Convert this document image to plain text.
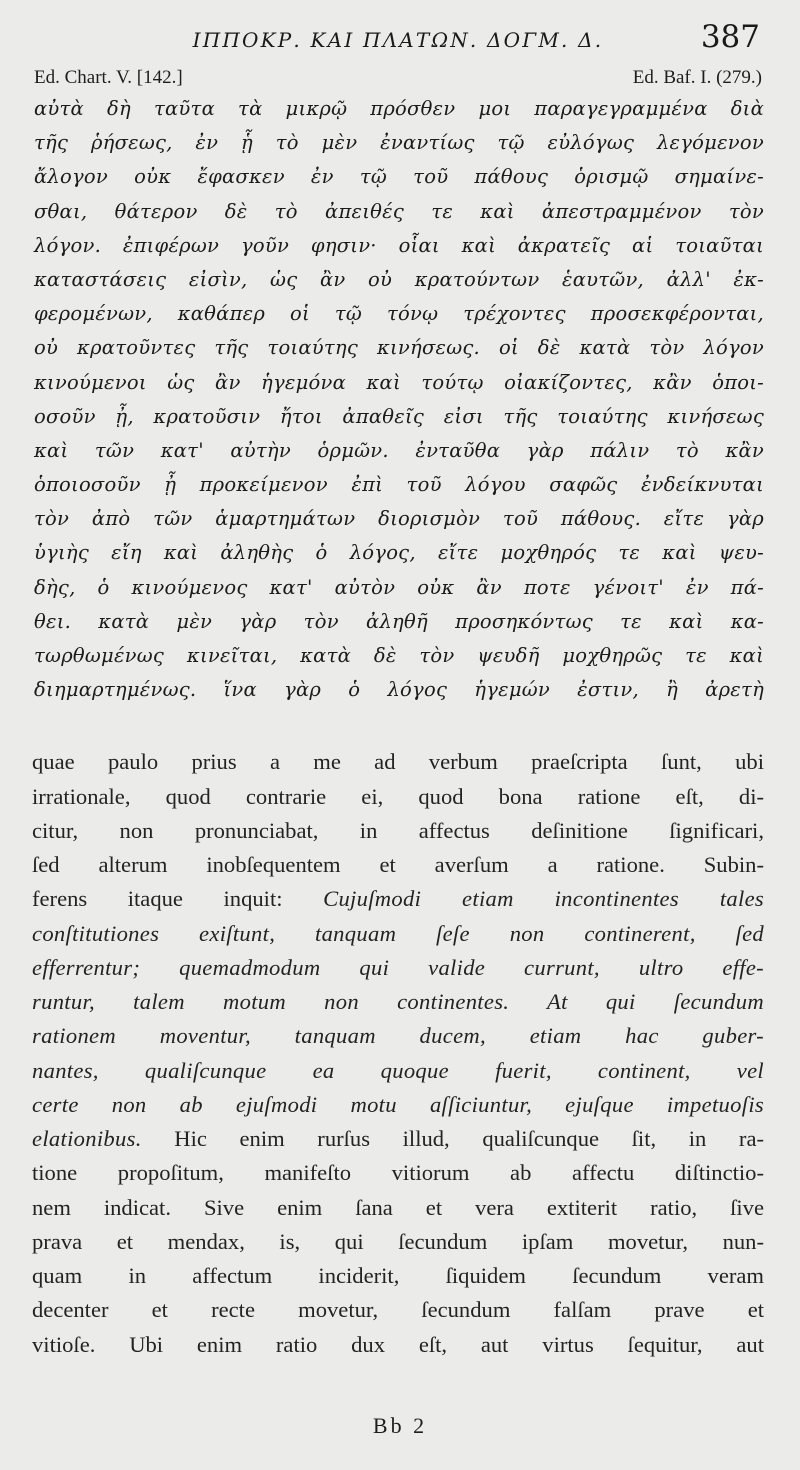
ΙΠΠΟΚΡ. ΚΑΙ ΠΛΑΤΩΝ. ΔΟΓΜ. Δ.	387
Ed. Chart. V. [142.]	Ed. Baf. I. (279.)
αὐτὰ δὴ ταῦτα τὰ μικρῷ πρόσθεν μοι παραγεγραμμένα διὰ
τῆς ῥήσεως, ἐν ᾗ τὸ μὲν ἐναντίως τῷ εὐλόγως λεγόμενον
ἄλογον οὐκ ἔφασκεν ἐν τῷ τοῦ πάθους ὁρισμῷ σημαίνε-
σθαι, θάτερον δὲ τὸ ἀπειθές τε καὶ ἀπεστραμμένον τὸν
λόγον. ἐπιφέρων γοῦν φησιν· οἷαι καὶ ἀκρατεῖς αἱ τοιαῦται
καταστάσεις εἰσὶν, ὡς ἂν οὐ κρατούντων ἑαυτῶν, ἀλλ' ἐκ-
φερομένων, καθάπερ οἱ τῷ τόνῳ τρέχοντες προσεκφέρονται,
οὐ κρατοῦντες τῆς τοιαύτης κινήσεως. οἱ δὲ κατὰ τὸν λόγον
κινούμενοι ὡς ἂν ἡγεμόνα καὶ τούτῳ οἰακίζοντες, κἂν ὁποι-
οσοῦν ᾖ, κρατοῦσιν ἤτοι ἀπαθεῖς εἰσι τῆς τοιαύτης κινήσεως
καὶ τῶν κατ' αὐτὴν ὁρμῶν. ἐνταῦθα γὰρ πάλιν τὸ κἂν
ὁποιοσοῦν ᾖ προκείμενον ἐπὶ τοῦ λόγου σαφῶς ἐνδείκνυται
τὸν ἀπὸ τῶν ἁμαρτημάτων διορισμὸν τοῦ πάθους. εἴτε γὰρ
ὑγιὴς εἴη καὶ ἀληθὴς ὁ λόγος, εἴτε μοχθηρός τε καὶ ψευ-
δὴς, ὁ κινούμενος κατ' αὐτὸν οὐκ ἂν ποτε γένοιτ' ἐν πά-
θει. κατὰ μὲν γὰρ τὸν ἀληθῆ προσηκόντως τε καὶ κα-
τωρθωμένως κινεῖται, κατὰ δὲ τὸν ψευδῆ μοχθηρῶς τε καὶ
διημαρτημένως. ἵνα γὰρ ὁ λόγος ἡγεμών ἐστιν, ἢ ἀρετὴ
quae paulo prius a me ad verbum praeſcripta ſunt, ubi
irrationale, quod contrarie ei, quod bona ratione eſt, di-
citur, non pronunciabat, in affectus deſinitione ſignificari,
ſed alterum inobſequentem et averſum a ratione. Subin-
ferens itaque inquit: Cujuſmodi etiam incontinentes tales
conſtitutiones exiſtunt, tanquam ſeſe non continerent, ſed
efferrentur; quemadmodum qui valide currunt, ultro effe-
runtur, talem motum non continentes. At qui ſecundum
rationem moventur, tanquam ducem, etiam hac guber-
nantes, qualiſcunque ea quoque fuerit, continent, vel
certe non ab ejuſmodi motu aſſiciuntur, ejuſque impetuoſis
elationibus. Hic enim rurſus illud, qualiſcunque ſit, in ra-
tione propoſitum, manifeſto vitiorum ab affectu diſtinctio-
nem indicat. Sive enim ſana et vera extiterit ratio, ſive
prava et mendax, is, qui ſecundum ipſam movetur, nun-
quam in affectum inciderit, ſiquidem ſecundum veram
decenter et recte movetur, ſecundum falſam prave et
vitioſe. Ubi enim ratio dux eſt, aut virtus ſequitur, aut
Bb 2
